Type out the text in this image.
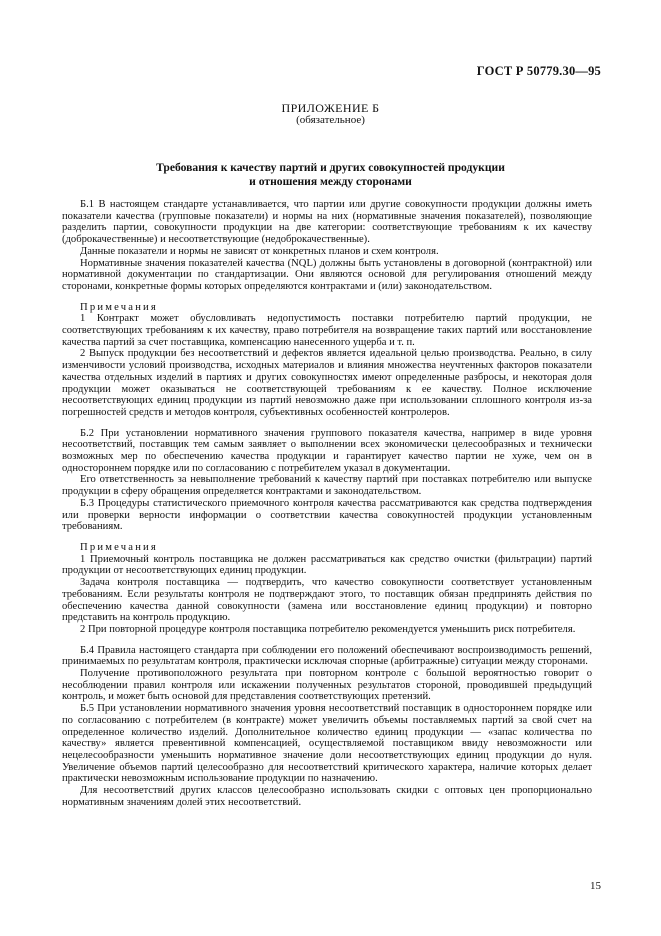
ГОСТ Р 50779.30—95
ПРИЛОЖЕНИЕ Б
(обязательное)
Требования к качеству партий и других совокупностей продукции
и отношения между сторонами

Б.1 В настоящем стандарте устанавливается, что партии или другие совокупности продукции должны иметь показатели качества (групповые показатели) и нормы на них (нормативные значения показателей), позволяющие разделить партии, совокупности продукции на две категории: соответствующие требованиям к их качеству (доброкачественные) и несоответствующие (недоброкачественные).

Данные показатели и нормы не зависят от конкретных планов и схем контроля.

Нормативные значения показателей качества (NQL) должны быть установлены в договорной (контрактной) или нормативной документации по стандартизации. Они являются основой для регулирования отношений между сторонами, конкретные формы которых определяются контрактами и (или) законодательством.

Примечания

1 Контракт может обусловливать недопустимость поставки потребителю партий продукции, не соответствующих требованиям к их качеству, право потребителя на возвращение таких партий или восстановление качества партий за счет поставщика, компенсацию нанесенного ущерба и т. п.

2 Выпуск продукции без несоответствий и дефектов является идеальной целью производства. Реально, в силу изменчивости условий производства, исходных материалов и влияния множества неучтенных факторов показатели качества отдельных изделий в партиях и других совокупностях имеют определенные разбросы, и некоторая доля продукции может оказываться не соответствующей требованиям к ее качеству. Полное исключение несоответствующих единиц продукции из партий невозможно даже при использовании сплошного контроля из-за погрешностей средств и методов контроля, субъективных особенностей контролеров.

Б.2 При установлении нормативного значения группового показателя качества, например в виде уровня несоответствий, поставщик тем самым заявляет о выполнении всех экономически целесообразных и технически возможных мер по обеспечению качества продукции и гарантирует качество партии не хуже, чем он в одностороннем порядке или по согласованию с потребителем указал в документации.

Его ответственность за невыполнение требований к качеству партий при поставках потребителю или выпуске продукции в сферу обращения определяется контрактами и законодательством.

Б.3 Процедуры статистического приемочного контроля качества рассматриваются как средства подтверждения или проверки верности информации о соответствии качества совокупностей продукции установленным требованиям.

Примечания

1 Приемочный контроль поставщика не должен рассматриваться как средство очистки (фильтрации) партий продукции от несоответствующих единиц продукции.

Задача контроля поставщика — подтвердить, что качество совокупности соответствует установленным требованиям. Если результаты контроля не подтверждают этого, то поставщик обязан предпринять действия по обеспечению качества данной совокупности (замена или восстановление единиц продукции) и повторно представить на контроль продукцию.

2 При повторной процедуре контроля поставщика потребителю рекомендуется уменьшить риск потребителя.

Б.4 Правила настоящего стандарта при соблюдении его положений обеспечивают воспроизводимость решений, принимаемых по результатам контроля, практически исключая спорные (арбитражные) ситуации между сторонами.

Получение противоположного результата при повторном контроле с большой вероятностью говорит о несоблюдении правил контроля или искажении полученных результатов стороной, проводившей предыдущий контроль, и может быть основой для представления соответствующих претензий.

Б.5 При установлении нормативного значения уровня несоответствий поставщик в одностороннем порядке или по согласованию с потребителем (в контракте) может увеличить объемы поставляемых партий за свой счет на определенное количество изделий. Дополнительное количество единиц продукции — «запас количества по качеству» является превентивной компенсацией, осуществляемой поставщиком ввиду невозможности или нецелесообразности уменьшить нормативное значение доли несоответствующих единиц продукции до нуля. Увеличение объемов партий целесообразно для несоответствий критического характера, наличие которых делает практически невозможным использование продукции по назначению.

Для несоответствий других классов целесообразно использовать скидки с оптовых цен пропорционально нормативным значениям долей этих несоответствий.

15
